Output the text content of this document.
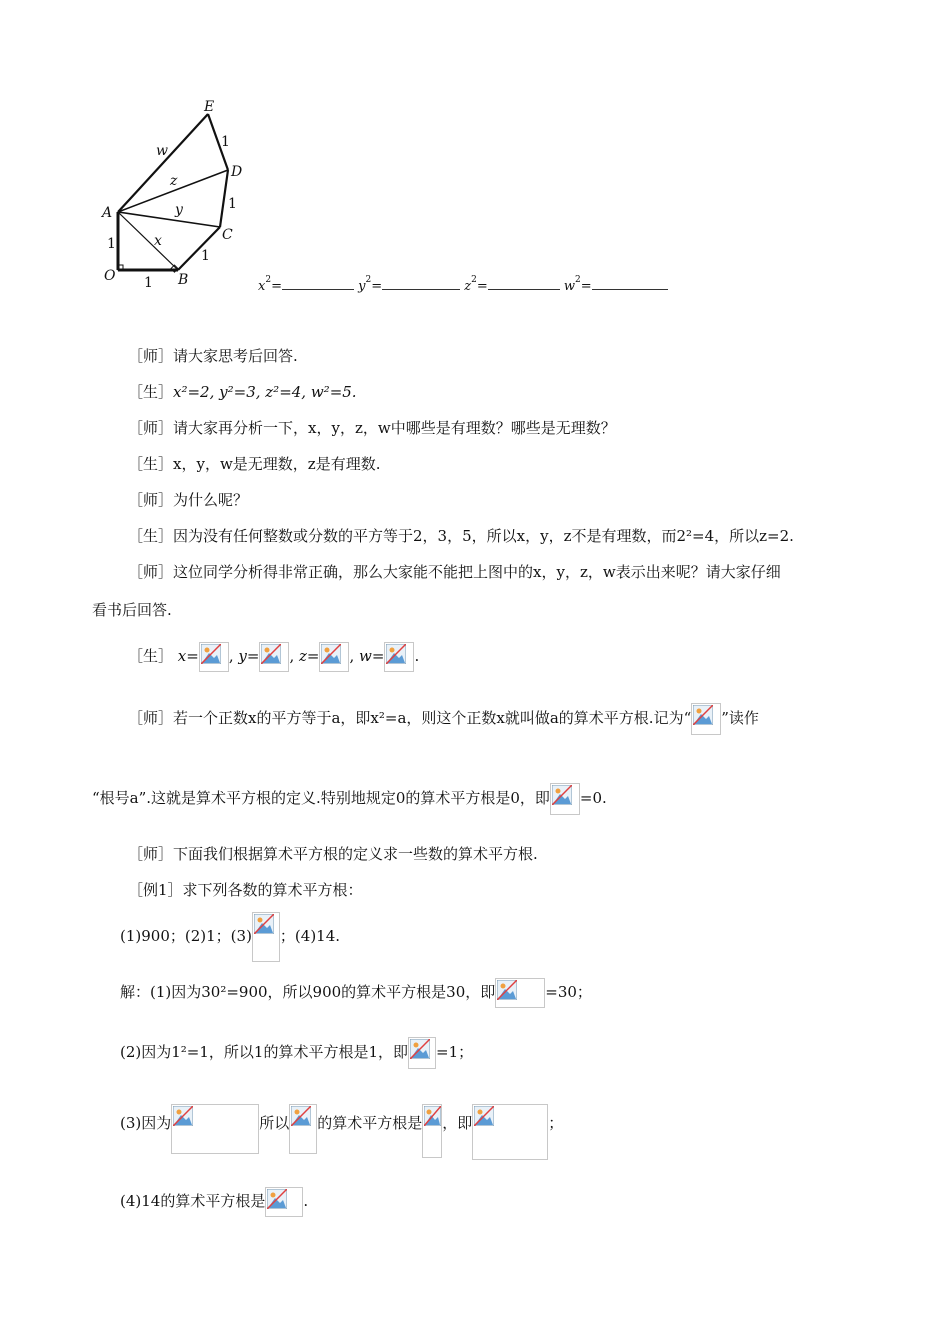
E
D
A
C
O	B
w
z
y
x
1
1
1
1
1	$x^2=$	$y^2=$	$z^2=$	$w^2=$
［师］请大家思考后回答.
［生］x²=2, y²=3, z²=4, w²=5.
［师］请大家再分析一下，x，y，z，w中哪些是有理数？哪些是无理数？
［生］x，y，w是无理数，z是有理数.
［师］为什么呢？
［生］因为没有任何整数或分数的平方等于2，3，5，所以x，y，z不是有理数，而2²=4，所以z=2.
［师］这位同学分析得非常正确，那么大家能不能把上图中的x，y，z，w表示出来呢？请大家仔细
看书后回答.
［生］ x= , y= , z= , w= .
［师］若一个正数x的平方等于a，即x²=a，则这个正数x就叫做a的算术平方根.记为“ ”读作
“根号a”.这就是算术平方根的定义.特别地规定0的算术平方根是0，即 =0.
［师］下面我们根据算术平方根的定义求一些数的算术平方根.
［例1］求下列各数的算术平方根：
(1)900；(2)1；(3) ；(4)14.
解：(1)因为30²=900，所以900的算术平方根是30，即	=30；
(2)因为1²=1，所以1的算术平方根是1，即 =1；
(3)因为	所以 的算术平方根是 ，即	；
(4)14的算术平方根是	.
